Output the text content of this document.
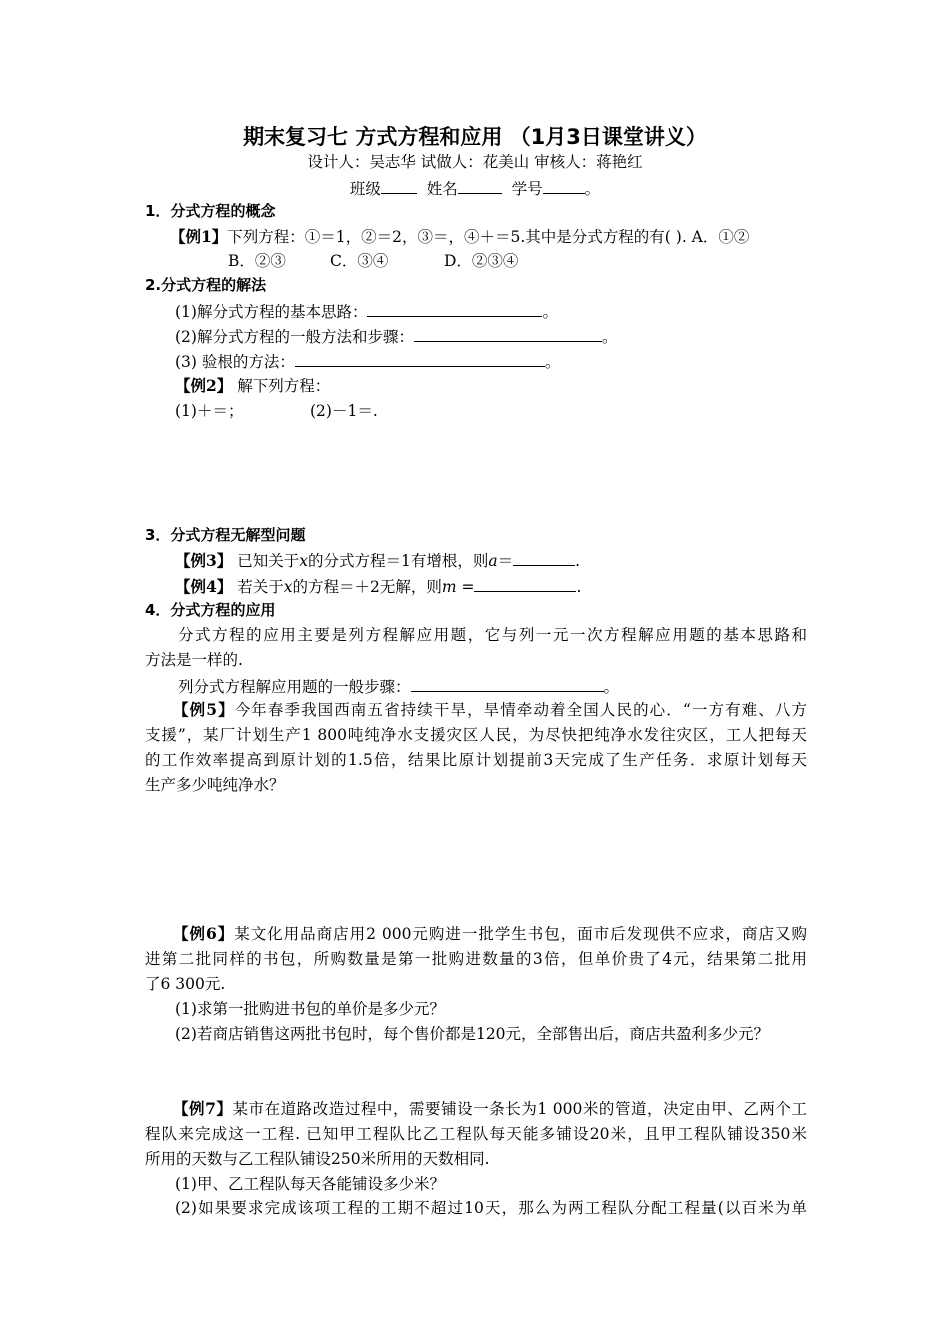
期末复习七 方式方程和应用 （1月3日课堂讲义）
设计人：吴志华 试做人：花美山 审核人：蒋艳红
班级	姓名	学号	。
1．分式方程的概念
【例1】下列方程：①＝1，②＝2，③＝，④＋＝5.其中是分式方程的有( ). A．①②
B．②③	C．③④	D．②③④
2.分式方程的解法
(1)解分式方程的基本思路：	。
(2)解分式方程的一般方法和步骤：	。
(3) 验根的方法：	。
【例2】 解下列方程：
(1)＋＝；	(2)－1＝.
3．分式方程无解型问题
【例3】 已知关于x的分式方程＝1有增根，则a＝	.
【例4】 若关于x的方程＝＋2无解，则m =	.
4．分式方程的应用
分式方程的应用主要是列方程解应用题，它与列一元一次方程解应用题的基本思路和
方法是一样的.
列分式方程解应用题的一般步骤：	。
【例5】今年春季我国西南五省持续干旱，旱情牵动着全国人民的心．“一方有难、八方
支援”，某厂计划生产1 800吨纯净水支援灾区人民，为尽快把纯净水发往灾区，工人把每天
的工作效率提高到原计划的1.5倍，结果比原计划提前3天完成了生产任务．求原计划每天
生产多少吨纯净水？
【例6】某文化用品商店用2 000元购进一批学生书包，面市后发现供不应求，商店又购
进第二批同样的书包，所购数量是第一批购进数量的3倍，但单价贵了4元，结果第二批用
了6 300元.
(1)求第一批购进书包的单价是多少元？
(2)若商店销售这两批书包时，每个售价都是120元，全部售出后，商店共盈利多少元？
【例7】某市在道路改造过程中，需要铺设一条长为1 000米的管道，决定由甲、乙两个工
程队来完成这一工程. 已知甲工程队比乙工程队每天能多铺设20米，且甲工程队铺设350米
所用的天数与乙工程队铺设250米所用的天数相同.
(1)甲、乙工程队每天各能铺设多少米？
(2)如果要求完成该项工程的工期不超过10天，那么为两工程队分配工程量(以百米为单
